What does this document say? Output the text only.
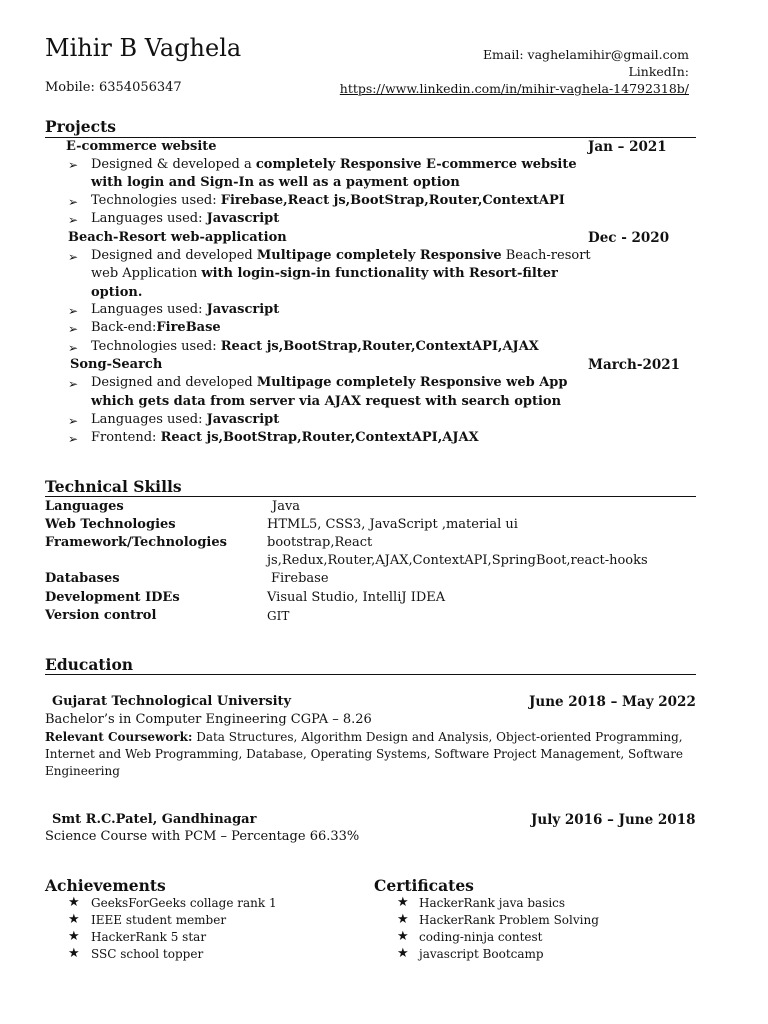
Mihir B Vaghela
Mobile: 6354056347
Email: vaghelamihir@gmail.com
LinkedIn:
https://www.linkedin.com/in/mihir-vaghela-14792318b/
Projects
E-commerce website	Jan – 2021
➢ Designed & developed a completely Responsive E-commerce website
with login and Sign-In as well as a payment option
➢ Technologies used: Firebase,React js,BootStrap,Router,ContextAPI
➢ Languages used: Javascript
Beach-Resort web-application	Dec - 2020
➢ Designed and developed Multipage completely Responsive Beach-resort
web Application with login-sign-in functionality with Resort-filter
option.
➢ Languages used: Javascript
➢ Back-end:FireBase
➢ Technologies used: React js,BootStrap,Router,ContextAPI,AJAX
Song-Search	March-2021
➢ Designed and developed Multipage completely Responsive web App
which gets data from server via AJAX request with search option
➢ Languages used: Javascript
➢ Frontend: React js,BootStrap,Router,ContextAPI,AJAX
Technical Skills
Languages	Java
Web Technologies	HTML5, CSS3, JavaScript ,material ui
Framework/Technologies	bootstrap,React
js,Redux,Router,AJAX,ContextAPI,SpringBoot,react-hooks
Databases	Firebase
Development IDEs	Visual Studio, IntelliJ IDEA
Version control	GIT
Education
Gujarat Technological University	June 2018 – May 2022
Bachelor’s in Computer Engineering CGPA – 8.26
Relevant Coursework: Data Structures, Algorithm Design and Analysis, Object-oriented Programming,
Internet and Web Programming, Database, Operating Systems, Software Project Management, Software
Engineering
Smt R.C.Patel, Gandhinagar	July 2016 – June 2018
Science Course with PCM – Percentage 66.33%
Achievements
★ GeeksForGeeks collage rank 1
★ IEEE student member
★ HackerRank 5 star
★ SSC school topper
Certificates
★ HackerRank java basics
★ HackerRank Problem Solving
★ coding-ninja contest
★ javascript Bootcamp
